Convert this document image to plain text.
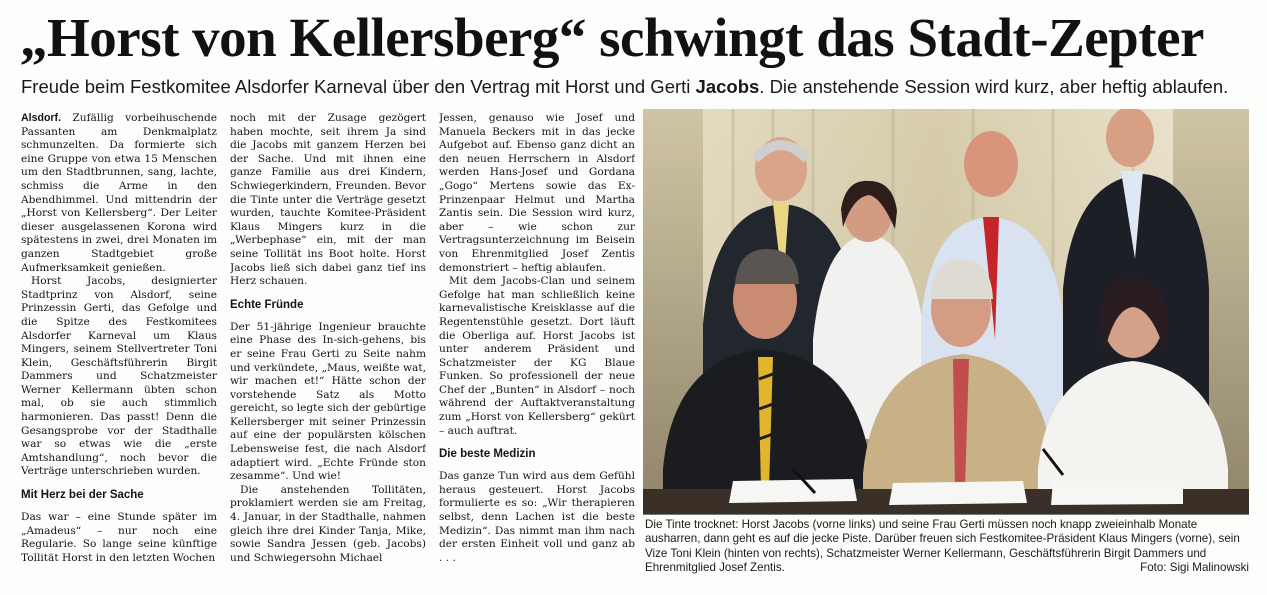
„Horst von Kellersberg“ schwingt das Stadt-Zepter
Freude beim Festkomitee Alsdorfer Karneval über den Vertrag mit Horst und Gerti Jacobs. Die anstehende Session wird kurz, aber heftig ablaufen.

Alsdorf. Zufällig vorbeihuschende Passanten am Denkmalplatz schmunzelten. Da formierte sich eine Gruppe von etwa 15 Menschen um den Stadtbrunnen, sang, lachte, schmiss die Arme in den Abendhimmel. Und mittendrin der „Horst von Kellersberg“. Der Leiter dieser ausgelassenen Korona wird spätestens in zwei, drei Monaten im ganzen Stadtgebiet große Aufmerksamkeit genießen.

Horst Jacobs, designierter Stadtprinz von Alsdorf, seine Prinzessin Gerti, das Gefolge und die Spitze des Festkomitees Alsdorfer Karneval um Klaus Mingers, seinem Stellvertreter Toni Klein, Geschäftsführerin Birgit Dammers und Schatzmeister Werner Kellermann übten schon mal, ob sie auch stimmlich harmonieren. Das passt! Denn die Gesangsprobe vor der Stadthalle war so etwas wie die „erste Amtshandlung“, noch bevor die Verträge unterschrieben wurden.

Mit Herz bei der Sache

Das war – eine Stunde später im „Amadeus“ – nur noch eine Regularie. So lange seine künftige Tollität Horst in den letzten Wochen

noch mit der Zusage gezögert haben mochte, seit ihrem Ja sind die Jacobs mit ganzem Herzen bei der Sache. Und mit ihnen eine ganze Familie aus drei Kindern, Schwiegerkindern, Freunden. Bevor die Tinte unter die Verträge gesetzt wurden, tauchte Komitee-Präsident Klaus Mingers kurz in die „Werbephase“ ein, mit der man seine Tollität ins Boot holte. Horst Jacobs ließ sich dabei ganz tief ins Herz schauen.

Echte Fründe

Der 51-jährige Ingenieur brauchte eine Phase des In-sich-gehens, bis er seine Frau Gerti zu Seite nahm und verkündete, „Maus, weißte wat, wir machen et!“ Hätte schon der vorstehende Satz als Motto gereicht, so legte sich der gebürtige Kellersberger mit seiner Prinzessin auf eine der populärsten kölschen Lebensweise fest, die nach Alsdorf adaptiert wird. „Echte Fründe ston zesamme“. Und wie!

Die anstehenden Tollitäten, proklamiert werden sie am Freitag, 4. Januar, in der Stadthalle, nahmen gleich ihre drei Kinder Tanja, Mike, sowie Sandra Jessen (geb. Jacobs) und Schwiegersohn Michael

Jessen, genauso wie Josef und Manuela Beckers mit in das jecke Aufgebot auf. Ebenso ganz dicht an den neuen Herrschern in Alsdorf werden Hans-Josef und Gordana „Gogo“ Mertens sowie das Ex-Prinzenpaar Helmut und Martha Zantis sein. Die Session wird kurz, aber – wie schon zur Vertragsunterzeichnung im Beisein von Ehrenmitglied Josef Zentis demonstriert – heftig ablaufen.

Mit dem Jacobs-Clan und seinem Gefolge hat man schließlich keine karnevalistische Kreisklasse auf die Regentenstühle gesetzt. Dort läuft die Oberliga auf. Horst Jacobs ist unter anderem Präsident und Schatzmeister der KG Blaue Funken. So professionell der neue Chef der „Bunten“ in Alsdorf – noch während der Auftaktveranstaltung zum „Horst von Kellersberg“ gekürt – auch auftrat.

Die beste Medizin

Das ganze Tun wird aus dem Gefühl heraus gesteuert. Horst Jacobs formulierte es so: „Wir therapieren selbst, denn Lachen ist die beste Medizin“. Das nimmt man ihm nach der ersten Einheit voll und ganz ab . . .

Die Tinte trocknet: Horst Jacobs (vorne links) und seine Frau Gerti müssen noch knapp zweieinhalb Monate ausharren, dann geht es auf die jecke Piste. Darüber freuen sich Festkomitee-Präsident Klaus Mingers (vorne), sein Vize Toni Klein (hinten von rechts), Schatzmeister Werner Kellermann, Geschäftsführerin Birgit Dammers und Ehrenmitglied Josef Zentis.	Foto: Sigi Malinowski
